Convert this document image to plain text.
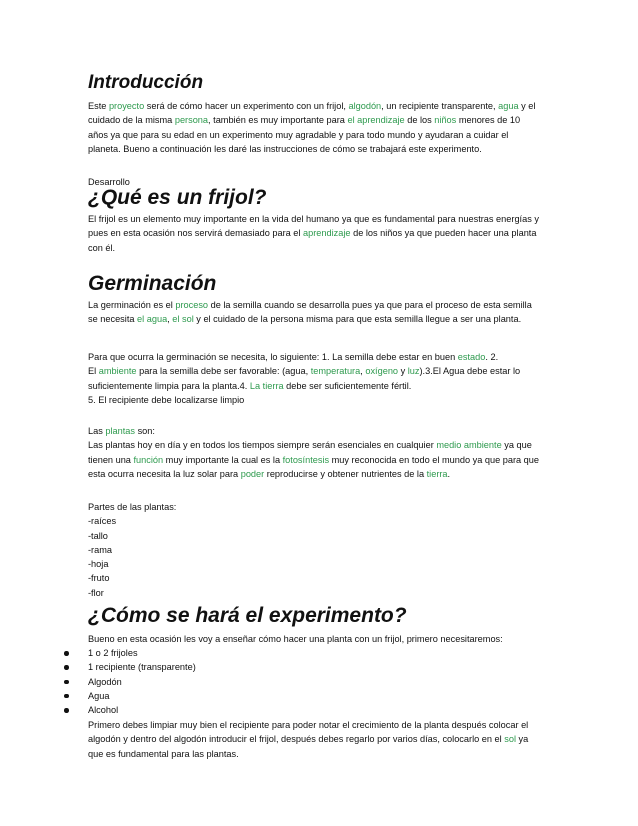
Introducción

Este proyecto será de cómo hacer un experimento con un frijol, algodón, un recipiente transparente, agua y el

cuidado de la misma persona, también es muy importante para el aprendizaje de los niños menores de 10

años ya que para su edad en un experimento muy agradable y para todo mundo y ayudaran a cuidar el

planeta. Bueno a continuación les daré las instrucciones de cómo se trabajará este experimento.

Desarrollo
¿Qué es un frijol?

El frijol es un elemento muy importante en la vida del humano ya que es fundamental para nuestras energías y

pues en esta ocasión nos servirá demasiado para el aprendizaje de los niños ya que pueden hacer una planta

con él.

Germinación

La germinación es el proceso de la semilla cuando se desarrolla pues ya que para el proceso de esta semilla

se necesita el agua, el sol y el cuidado de la persona misma para que esta semilla llegue a ser una planta.

Para que ocurra la germinación se necesita, lo siguiente: 1. La semilla debe estar en buen estado. 2.

El ambiente para la semilla debe ser favorable: (agua, temperatura, oxígeno y luz).3.El Agua debe estar lo

suficientemente limpia para la planta.4. La tierra debe ser suficientemente fértil.

5. El recipiente debe localizarse limpio

Las plantas son:

Las plantas hoy en día y en todos los tiempos siempre serán esenciales en cualquier medio ambiente ya que

tienen una función muy importante la cual es la fotosíntesis muy reconocida en todo el mundo ya que para que

esta ocurra necesita la luz solar para poder reproducirse y obtener nutrientes de la tierra.

Partes de las plantas:

-raíces

-tallo

-rama

-hoja

-fruto

-flor

¿Cómo se hará el experimento?
Bueno en esta ocasión les voy a enseñar cómo hacer una planta con un frijol, primero necesitaremos:
1 o 2 frijoles
1 recipiente (transparente)
Algodón
Agua
Alcohol

Primero debes limpiar muy bien el recipiente para poder notar el crecimiento de la planta después colocar el

algodón y dentro del algodón introducir el frijol, después debes regarlo por varios días, colocarlo en el sol ya

que es fundamental para las plantas.
